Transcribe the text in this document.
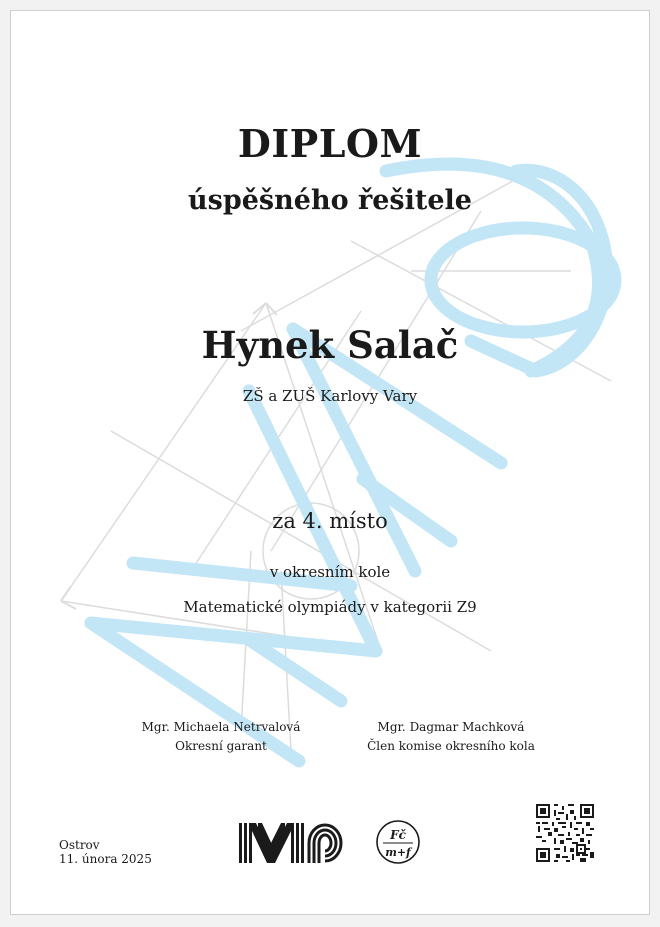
DIPLOM
úspěšného řešitele
Hynek Salač
ZŠ a ZUŠ Karlovy Vary
za 4. místo
v okresním kole
Matematické olympiády v kategorii Z9
Mgr. Michaela Netrvalová
Okresní garant
Mgr. Dagmar Machková
Člen komise okresního kola
Ostrov
11. února 2025
Fč
m+f
